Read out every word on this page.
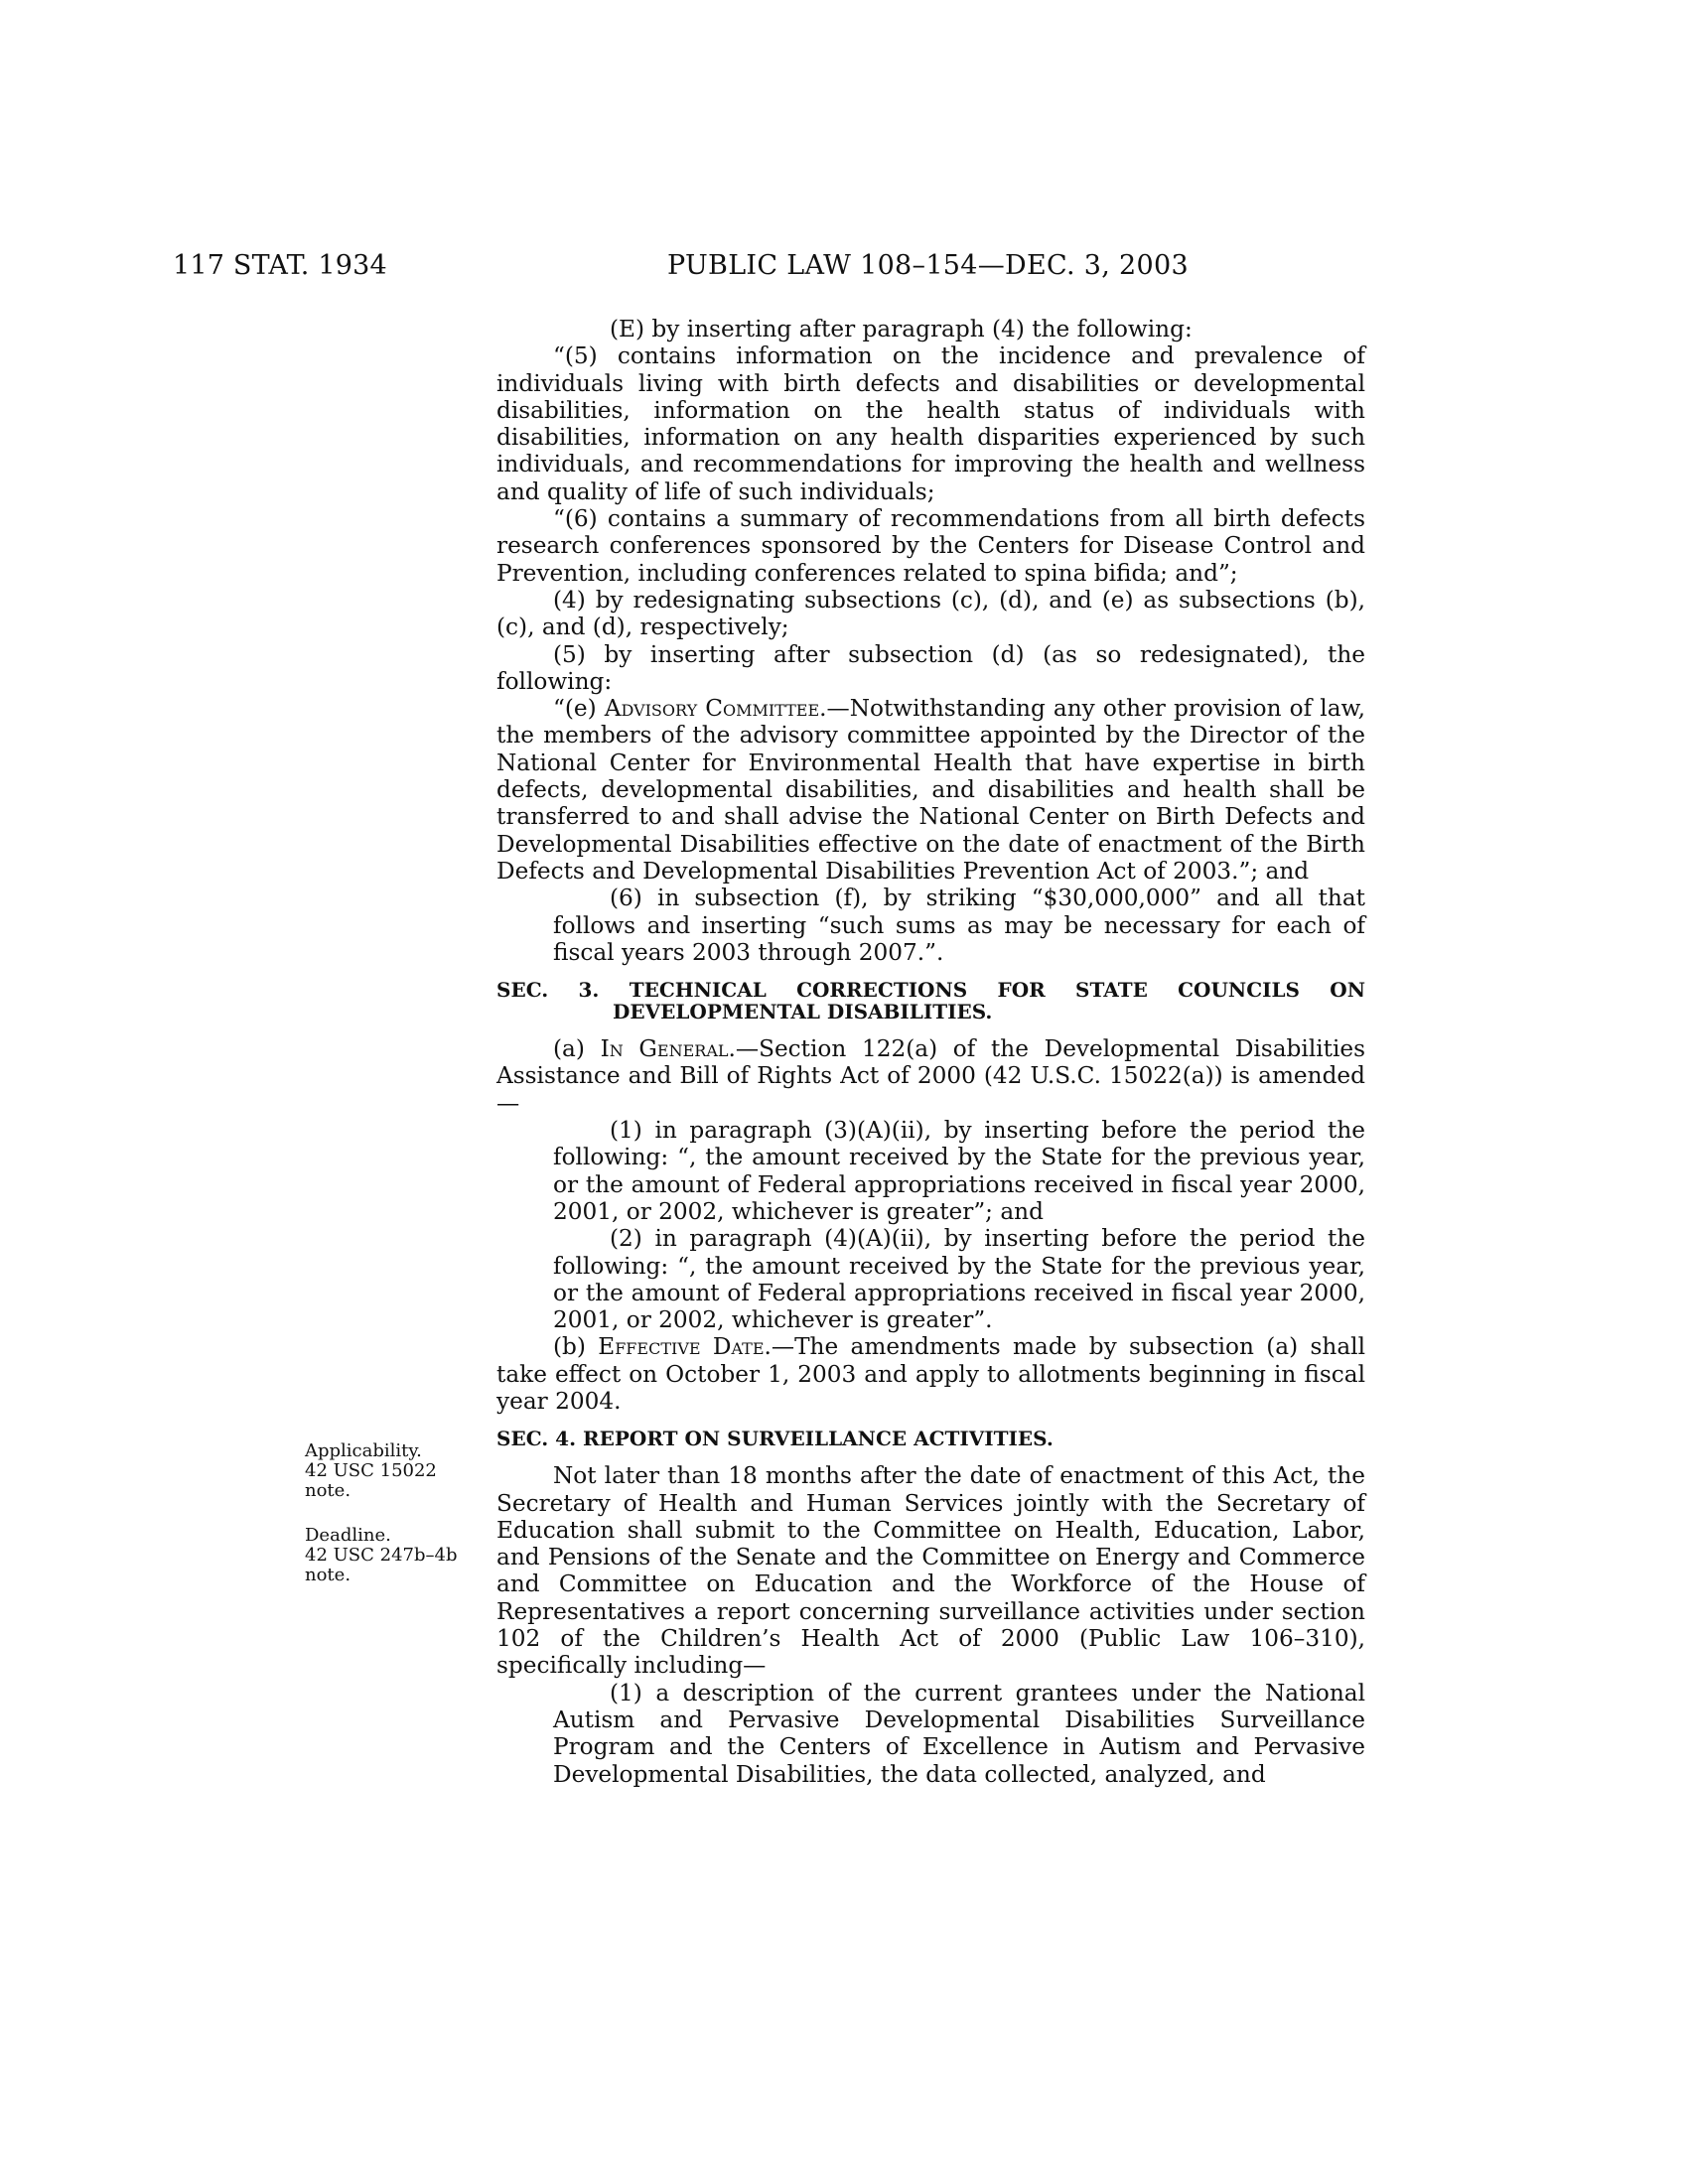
117 STAT. 1934	PUBLIC LAW 108–154—DEC. 3, 2003
Applicability.
42 USC 15022
note.
Deadline.
42 USC 247b–4b
note.

(E) by inserting after paragraph (4) the following:

“(5) contains information on the incidence and prevalence of individuals living with birth defects and disabilities or developmental disabilities, information on the health status of individuals with disabilities, information on any health disparities experienced by such individuals, and recommendations for improving the health and wellness and quality of life of such individuals;

“(6) contains a summary of recommendations from all birth defects research conferences sponsored by the Centers for Disease Control and Prevention, including conferences related to spina bifida; and”;

(4) by redesignating subsections (c), (d), and (e) as subsections (b), (c), and (d), respectively;

(5) by inserting after subsection (d) (as so redesignated), the following:

“(e) Advisory Committee.—Notwithstanding any other provision of law, the members of the advisory committee appointed by the Director of the National Center for Environmental Health that have expertise in birth defects, developmental disabilities, and disabilities and health shall be transferred to and shall advise the National Center on Birth Defects and Developmental Disabilities effective on the date of enactment of the Birth Defects and Developmental Disabilities Prevention Act of 2003.”; and

(6) in subsection (f), by striking “$30,000,000” and all that follows and inserting “such sums as may be necessary for each of fiscal years 2003 through 2007.”.

SEC. 3. TECHNICAL CORRECTIONS FOR STATE COUNCILS ON
DEVELOPMENTAL DISABILITIES.

(a) In General.—Section 122(a) of the Developmental Disabilities Assistance and Bill of Rights Act of 2000 (42 U.S.C. 15022(a)) is amended—

(1) in paragraph (3)(A)(ii), by inserting before the period the following: “, the amount received by the State for the previous year, or the amount of Federal appropriations received in fiscal year 2000, 2001, or 2002, whichever is greater”; and

(2) in paragraph (4)(A)(ii), by inserting before the period the following: “, the amount received by the State for the previous year, or the amount of Federal appropriations received in fiscal year 2000, 2001, or 2002, whichever is greater”.

(b) Effective Date.—The amendments made by subsection (a) shall take effect on October 1, 2003 and apply to allotments beginning in fiscal year 2004.

SEC. 4. REPORT ON SURVEILLANCE ACTIVITIES.

Not later than 18 months after the date of enactment of this Act, the Secretary of Health and Human Services jointly with the Secretary of Education shall submit to the Committee on Health, Education, Labor, and Pensions of the Senate and the Committee on Energy and Commerce and Committee on Education and the Workforce of the House of Representatives a report concerning surveillance activities under section 102 of the Children’s Health Act of 2000 (Public Law 106–310), specifically including—

(1) a description of the current grantees under the National Autism and Pervasive Developmental Disabilities Surveillance Program and the Centers of Excellence in Autism and Pervasive Developmental Disabilities, the data collected, analyzed, and
